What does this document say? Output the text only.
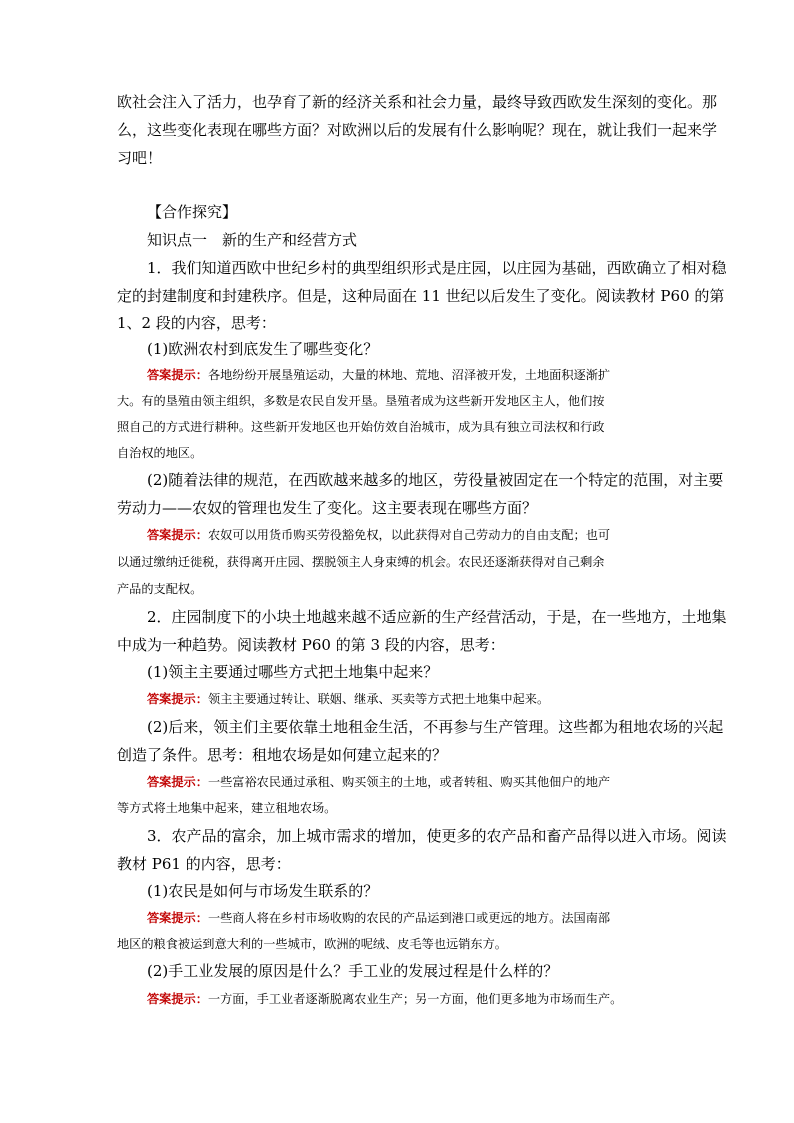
欧社会注入了活力，也孕育了新的经济关系和社会力量，最终导致西欧发生深刻的变化。那
么，这些变化表现在哪些方面？对欧洲以后的发展有什么影响呢？现在，就让我们一起来学
习吧！
【合作探究】
知识点一　新的生产和经营方式
1．我们知道西欧中世纪乡村的典型组织形式是庄园，以庄园为基础，西欧确立了相对稳
定的封建制度和封建秩序。但是，这种局面在 11 世纪以后发生了变化。阅读教材 P60 的第
1、2 段的内容，思考：
(1)欧洲农村到底发生了哪些变化？
答案提示：各地纷纷开展垦殖运动，大量的林地、荒地、沼泽被开发，土地面积逐渐扩
大。有的垦殖由领主组织，多数是农民自发开垦。垦殖者成为这些新开发地区主人，他们按
照自己的方式进行耕种。这些新开发地区也开始仿效自治城市，成为具有独立司法权和行政
自治权的地区。
(2)随着法律的规范，在西欧越来越多的地区，劳役量被固定在一个特定的范围，对主要
劳动力——农奴的管理也发生了变化。这主要表现在哪些方面？
答案提示：农奴可以用货币购买劳役豁免权，以此获得对自己劳动力的自由支配；也可
以通过缴纳迁徙税，获得离开庄园、摆脱领主人身束缚的机会。农民还逐渐获得对自己剩余
产品的支配权。
2．庄园制度下的小块土地越来越不适应新的生产经营活动，于是，在一些地方，土地集
中成为一种趋势。阅读教材 P60 的第 3 段的内容，思考：
(1)领主主要通过哪些方式把土地集中起来？
答案提示：领主主要通过转让、联姻、继承、买卖等方式把土地集中起来。
(2)后来，领主们主要依靠土地租金生活，不再参与生产管理。这些都为租地农场的兴起
创造了条件。思考：租地农场是如何建立起来的？
答案提示：一些富裕农民通过承租、购买领主的土地，或者转租、购买其他佃户的地产
等方式将土地集中起来，建立租地农场。
3．农产品的富余，加上城市需求的增加，使更多的农产品和畜产品得以进入市场。阅读
教材 P61 的内容，思考：
(1)农民是如何与市场发生联系的？
答案提示：一些商人将在乡村市场收购的农民的产品运到港口或更远的地方。法国南部
地区的粮食被运到意大利的一些城市，欧洲的呢绒、皮毛等也远销东方。
(2)手工业发展的原因是什么？手工业的发展过程是什么样的？
答案提示：一方面，手工业者逐渐脱离农业生产；另一方面，他们更多地为市场而生产。
